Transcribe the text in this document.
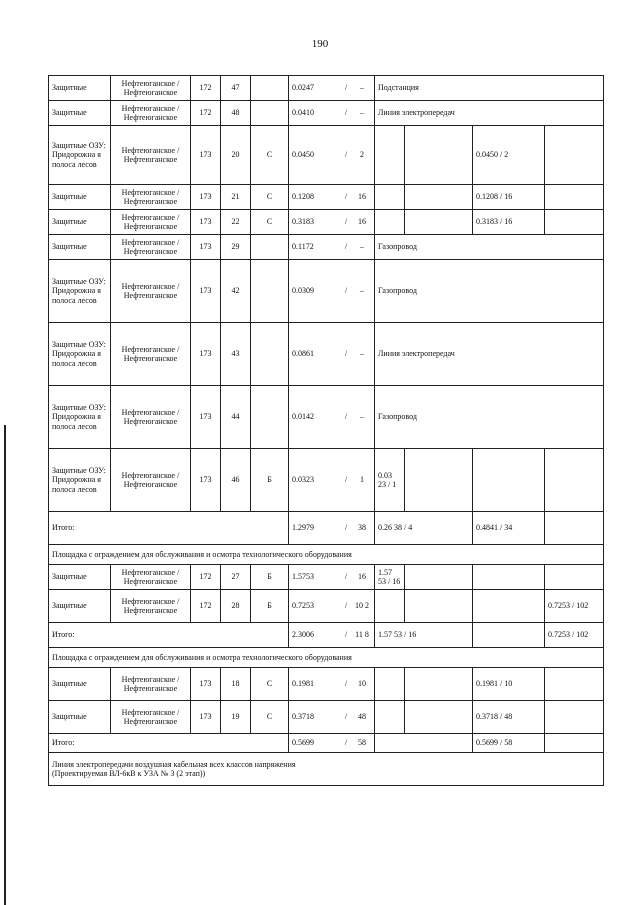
190
Защитные	Нефтеюганское / Нефтеюганское	172	47		0.0247 / –	Подстанция			
Защитные	Нефтеюганское / Нефтеюганское	172	48		0.0410 / –	Линия электропередач			
Защитные ОЗУ: Придорожна я полоса лесов	Нефтеюганское / Нефтеюганское	173	20	С	0.0450 / 2			0.0450 / 2	
Защитные	Нефтеюганское / Нефтеюганское	173	21	С	0.1208 / 16			0.1208 / 16	
Защитные	Нефтеюганское / Нефтеюганское	173	22	С	0.3183 / 16			0.3183 / 16	
Защитные	Нефтеюганское / Нефтеюганское	173	29		0.1172 / –	Газопровод			
Защитные ОЗУ: Придорожна я полоса лесов	Нефтеюганское / Нефтеюганское	173	42		0.0309 / –	Газопровод			
Защитные ОЗУ: Придорожна я полоса лесов	Нефтеюганское / Нефтеюганское	173	43		0.0861 / –	Линия электропередач			
Защитные ОЗУ: Придорожна я полоса лесов	Нефтеюганское / Нефтеюганское	173	44		0.0142 / –	Газопровод			
Защитные ОЗУ: Придорожна я полоса лесов	Нефтеюганское / Нефтеюганское	173	46	Б	0.0323 / 1	0.03 23 / 1			
Итого:					1.2979 / 38	0.26 38 / 4		0.4841 / 34	
Площадка с ограждением для обслуживания и осмотра технологического оборудования									
Защитные	Нефтеюганское / Нефтеюганское	172	27	Б	1.5753 / 16	1.57 53 / 16			
Защитные	Нефтеюганское / Нефтеюганское	172	28	Б	0.7253 / 10 2				0.7253 / 102
Итого:					2.3006 / 11 8	1.57 53 / 16			0.7253 / 102
Площадка с ограждением для обслуживания и осмотра технологического оборудования									
Защитные	Нефтеюганское / Нефтеюганское	173	18	С	0.1981 / 10			0.1981 / 10	
Защитные	Нефтеюганское / Нефтеюганское	173	19	С	0.3718 / 48			0.3718 / 48	
Итого:					0.5699 / 58			0.5699 / 58	

Линия электропередачи воздушная кабельная всех классов напряжения
(Проектируемая ВЛ-6кВ к УЗА № 3 (2 этап))									
